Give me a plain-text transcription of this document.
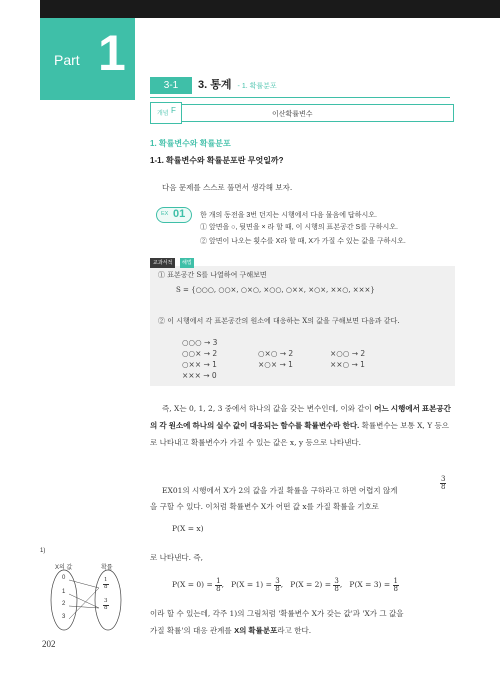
Part 1
3-1	3. 통계 - 1. 확률분포
개념 F	이산확률변수
1. 확률변수와 확률분포
1-1. 확률변수와 확률분포란 무엇일까?
다음 문제를 스스로 풀면서 생각해 보자.
EX 01 한 개의 동전을 3번 던지는 시행에서 다음 물음에 답하시오.
① 앞면을 ○, 뒷면을 × 라 할 때, 이 시행의 표본공간 S를 구하시오.
② 앞면이 나오는 횟수를 X라 할 때, X가 가질 수 있는 값을 구하시오.
교과서적	해법
① 표본공간 S를 나열하여 구해보면
S = {○○○, ○○×, ○×○, ×○○, ○××, ×○×, ××○, ×××}
② 이 시행에서 각 표본공간의 원소에 대응하는 X의 값을 구해보면 다음과 같다.
○○○ → 3
○○× → 2	○×○ → 2	×○○ → 2
○×× → 1	×○× → 1	××○ → 1
××× → 0
즉, X는 0, 1, 2, 3 중에서 하나의 값을 갖는 변수인데, 이와 같이 어느 시행에서 표본공간의 각 원소에 하나의 실수 값이 대응되는 함수를 확률변수라 한다. 확률변수는 보통 X, Y 등으로 나타내고 확률변수가 가질 수 있는 값은 x, y 등으로 나타낸다.
EX01의 시행에서 X가 2의 값을 가질 확률을 구하라고 하면 어렵지 않게	$\frac{3}{8}$
을 구할 수 있다. 이처럼 확률변수 X가 어떤 값 x를 가질 확률을 기호로
P(X = x)
로 나타낸다. 즉,
$P(X = 0) = \frac{1}{8}$ ,   $P(X = 1) = \frac{3}{8}$ ,   $P(X = 2) = \frac{3}{8}$ ,   $P(X = 3) = \frac{1}{8}$
이라 할 수 있는데, 각주 1)의 그림처럼 '확률변수 X가 갖는 값'과 'X가 그 값을
가질 확률'의 대응 관계를 X의 확률분포라고 한다.
1)
X의 값	확률
0
1
2
3
$\frac{1}{8}$
$\frac{3}{8}$
202
